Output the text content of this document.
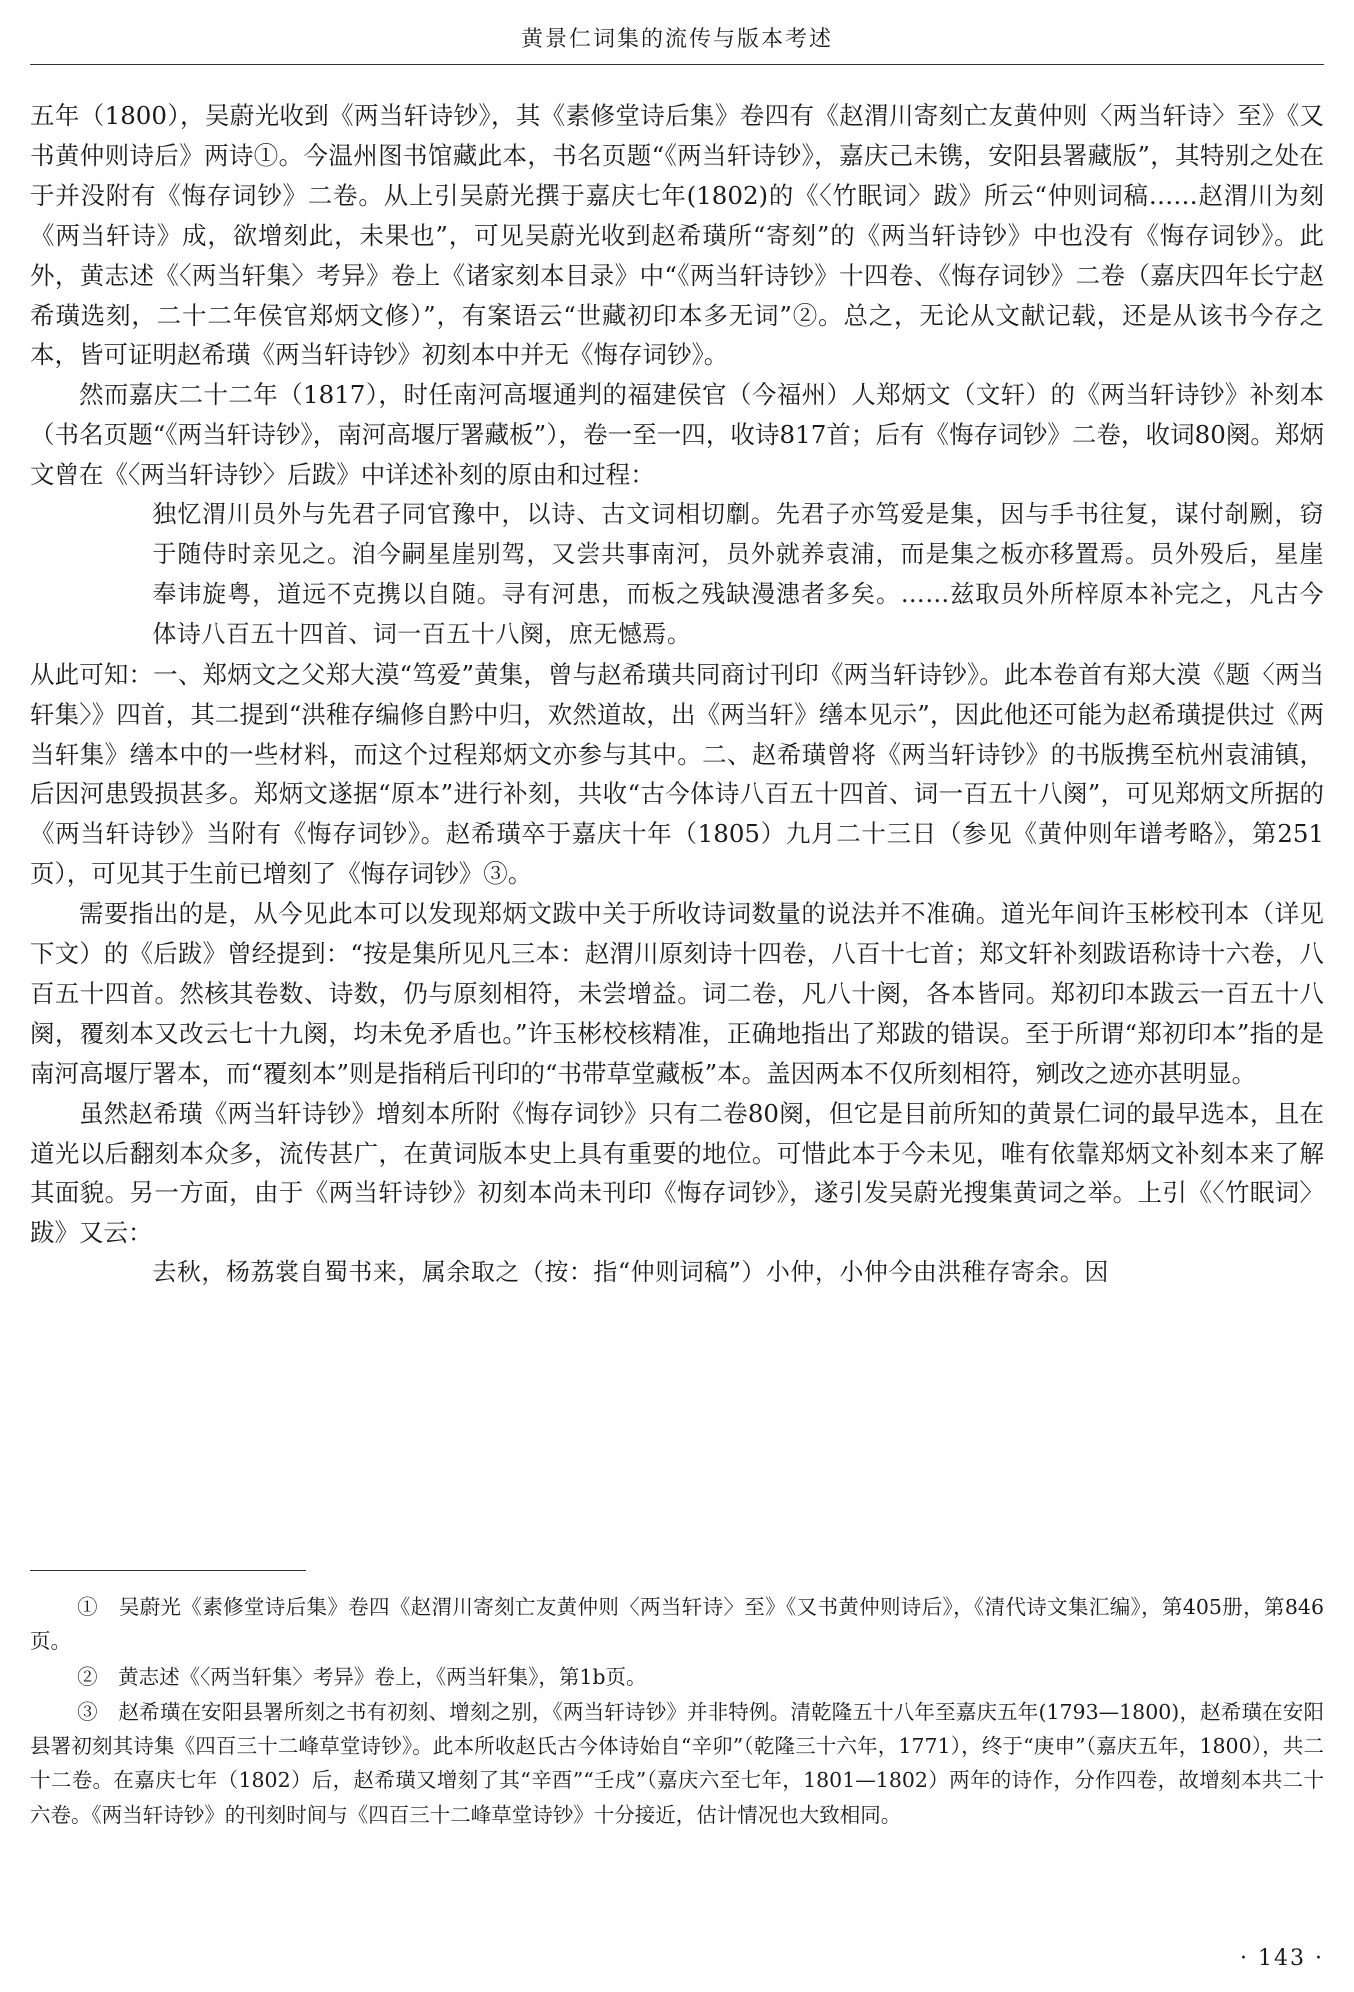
黄景仁词集的流传与版本考述

五年（1800），吴蔚光收到《两当轩诗钞》，其《素修堂诗后集》卷四有《赵渭川寄刻亡友黄仲则〈两当轩诗〉至》《又书黄仲则诗后》两诗①。今温州图书馆藏此本，书名页题“《两当轩诗钞》，嘉庆己未镌，安阳县署藏版”，其特别之处在于并没附有《悔存词钞》二卷。从上引吴蔚光撰于嘉庆七年(1802)的《〈竹眠词〉跋》所云“仲则词稿……赵渭川为刻《两当轩诗》成，欲增刻此，未果也”，可见吴蔚光收到赵希璜所“寄刻”的《两当轩诗钞》中也没有《悔存词钞》。此外，黄志述《〈两当轩集〉考异》卷上《诸家刻本目录》中“《两当轩诗钞》十四卷、《悔存词钞》二卷（嘉庆四年长宁赵希璜选刻，二十二年侯官郑炳文修）”，有案语云“世藏初印本多无词”②。总之，无论从文献记载，还是从该书今存之本，皆可证明赵希璜《两当轩诗钞》初刻本中并无《悔存词钞》。

然而嘉庆二十二年（1817），时任南河高堰通判的福建侯官（今福州）人郑炳文（文轩）的《两当轩诗钞》补刻本（书名页题“《两当轩诗钞》，南河高堰厅署藏板”），卷一至一四，收诗817首；后有《悔存词钞》二卷，收词80阕。郑炳文曾在《〈两当轩诗钞〉后跋》中详述补刻的原由和过程：

独忆渭川员外与先君子同官豫中，以诗、古文词相切劘。先君子亦笃爱是集，因与手书往复，谋付剞劂，窃于随侍时亲见之。洎今嗣星崖别驾，又尝共事南河，员外就养袁浦，而是集之板亦移置焉。员外殁后，星崖奉讳旋粤，道远不克携以自随。寻有河患，而板之残缺漫漶者多矣。……兹取员外所梓原本补完之，凡古今体诗八百五十四首、词一百五十八阕，庶无憾焉。

从此可知：一、郑炳文之父郑大漠“笃爱”黄集，曾与赵希璜共同商讨刊印《两当轩诗钞》。此本卷首有郑大漠《题〈两当轩集〉》四首，其二提到“洪稚存编修自黔中归，欢然道故，出《两当轩》缮本见示”，因此他还可能为赵希璜提供过《两当轩集》缮本中的一些材料，而这个过程郑炳文亦参与其中。二、赵希璜曾将《两当轩诗钞》的书版携至杭州袁浦镇，后因河患毁损甚多。郑炳文遂据“原本”进行补刻，共收“古今体诗八百五十四首、词一百五十八阕”，可见郑炳文所据的《两当轩诗钞》当附有《悔存词钞》。赵希璜卒于嘉庆十年（1805）九月二十三日（参见《黄仲则年谱考略》，第251页），可见其于生前已增刻了《悔存词钞》③。

需要指出的是，从今见此本可以发现郑炳文跋中关于所收诗词数量的说法并不准确。道光年间许玉彬校刊本（详见下文）的《后跋》曾经提到：“按是集所见凡三本：赵渭川原刻诗十四卷，八百十七首；郑文轩补刻跋语称诗十六卷，八百五十四首。然核其卷数、诗数，仍与原刻相符，未尝增益。词二卷，凡八十阕，各本皆同。郑初印本跋云一百五十八阕，覆刻本又改云七十九阕，均未免矛盾也。”许玉彬校核精准，正确地指出了郑跋的错误。至于所谓“郑初印本”指的是南河高堰厅署本，而“覆刻本”则是指稍后刊印的“书带草堂藏板”本。盖因两本不仅所刻相符，剜改之迹亦甚明显。

虽然赵希璜《两当轩诗钞》增刻本所附《悔存词钞》只有二卷80阕，但它是目前所知的黄景仁词的最早选本，且在道光以后翻刻本众多，流传甚广，在黄词版本史上具有重要的地位。可惜此本于今未见，唯有依靠郑炳文补刻本来了解其面貌。另一方面，由于《两当轩诗钞》初刻本尚未刊印《悔存词钞》，遂引发吴蔚光搜集黄词之举。上引《〈竹眠词〉跋》又云：

去秋，杨荔裳自蜀书来，属余取之（按：指“仲则词稿”）小仲，小仲今由洪稚存寄余。因

①　吴蔚光《素修堂诗后集》卷四《赵渭川寄刻亡友黄仲则〈两当轩诗〉至》《又书黄仲则诗后》，《清代诗文集汇编》，第405册，第846页。

②　黄志述《〈两当轩集〉考异》卷上，《两当轩集》，第1b页。

③　赵希璜在安阳县署所刻之书有初刻、增刻之别，《两当轩诗钞》并非特例。清乾隆五十八年至嘉庆五年(1793—1800)，赵希璜在安阳县署初刻其诗集《四百三十二峰草堂诗钞》。此本所收赵氏古今体诗始自“辛卯”（乾隆三十六年，1771），终于“庚申”（嘉庆五年，1800），共二十二卷。在嘉庆七年（1802）后，赵希璜又增刻了其“辛酉”“壬戌”（嘉庆六至七年，1801—1802）两年的诗作，分作四卷，故增刻本共二十六卷。《两当轩诗钞》的刊刻时间与《四百三十二峰草堂诗钞》十分接近，估计情况也大致相同。

· 143 ·
